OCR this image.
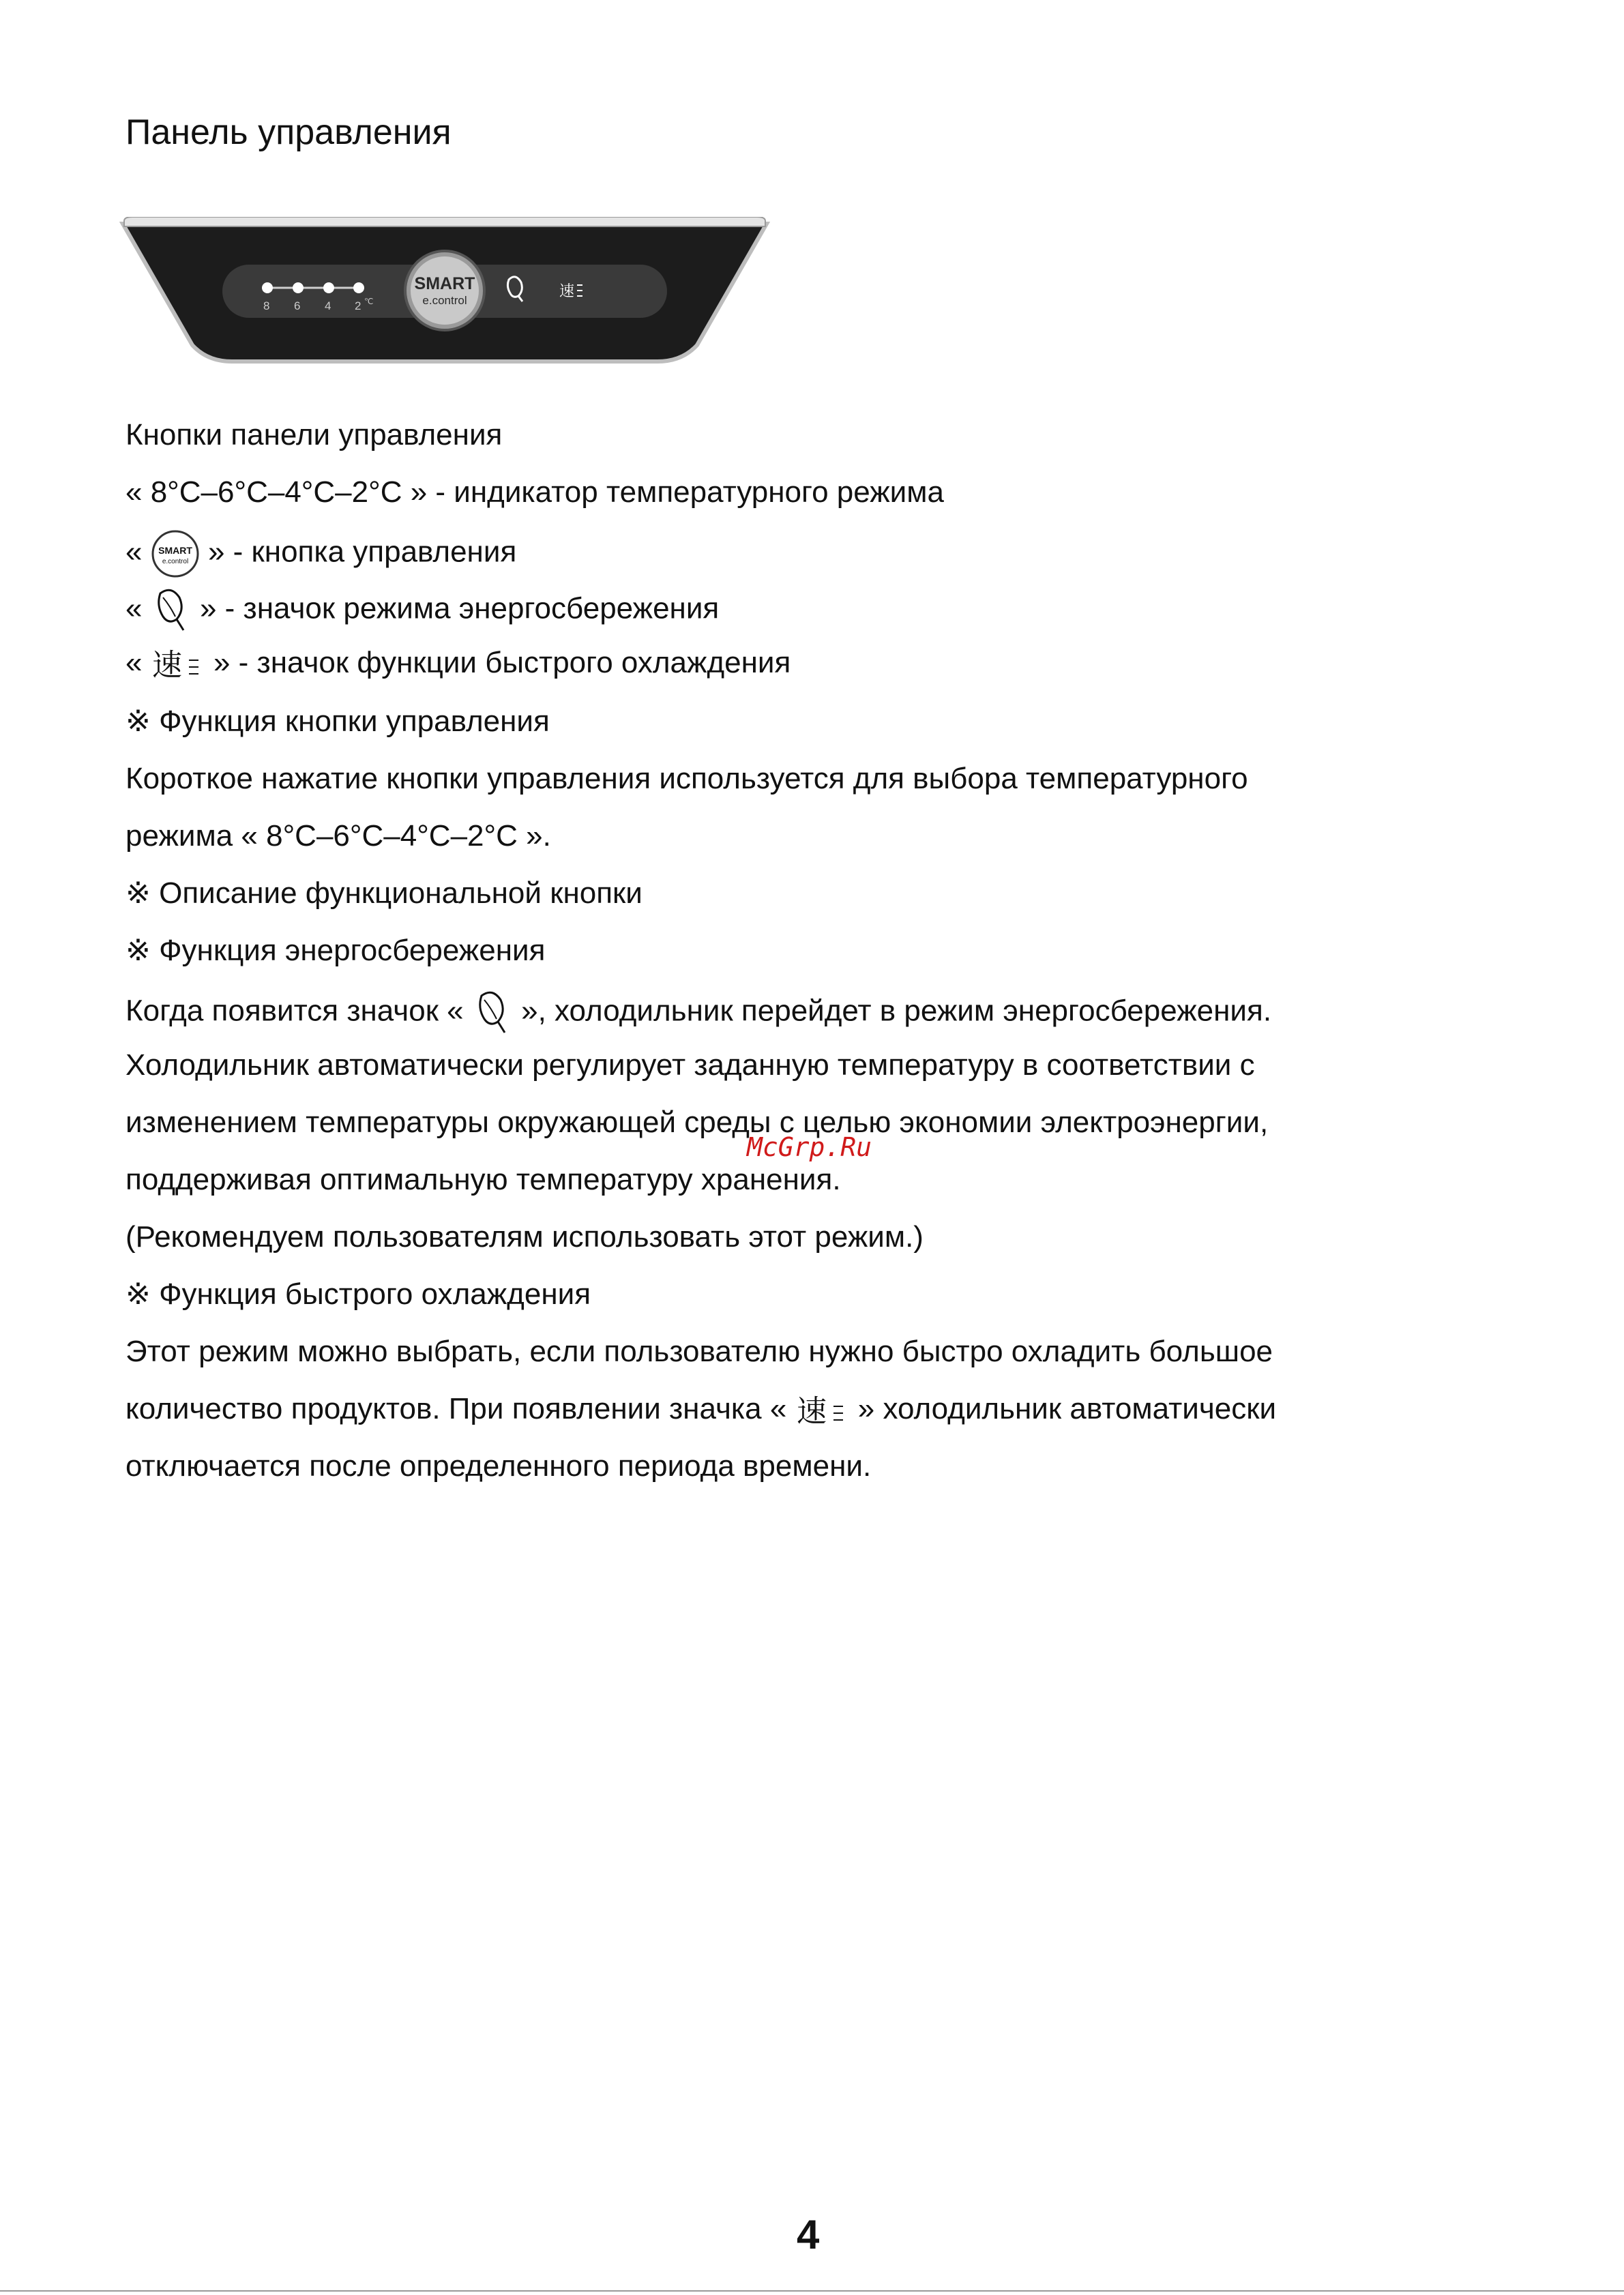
Панель управления
8 6 4 2 ℃
SMART
e.control
速
Кнопки панели управления
« 8°С–6°С–4°С–2°С » - индикатор температурного режима
« SMART
e.control » - кнопка управления
« » - значок режима энергосбережения
« 速 » - значок функции быстрого охлаждения
※ Функция кнопки управления
Короткое нажатие кнопки управления используется для выбора температурного
режима « 8°С–6°С–4°С–2°С ».
※ Описание функциональной кнопки
※ Функция энергосбережения
Когда появится значок « », холодильник перейдет в режим энергосбережения.
Холодильник автоматически регулирует заданную температуру в соответствии с
изменением температуры окружающей среды с целью экономии электроэнергии,
поддерживая оптимальную температуру хранения.
(Рекомендуем пользователям использовать этот режим.)
※ Функция быстрого охлаждения
Этот режим можно выбрать, если пользователю нужно быстро охладить большое
количество продуктов. При появлении значка « 速 » холодильник автоматически
отключается после определенного периода времени.
McGrp.Ru
4
